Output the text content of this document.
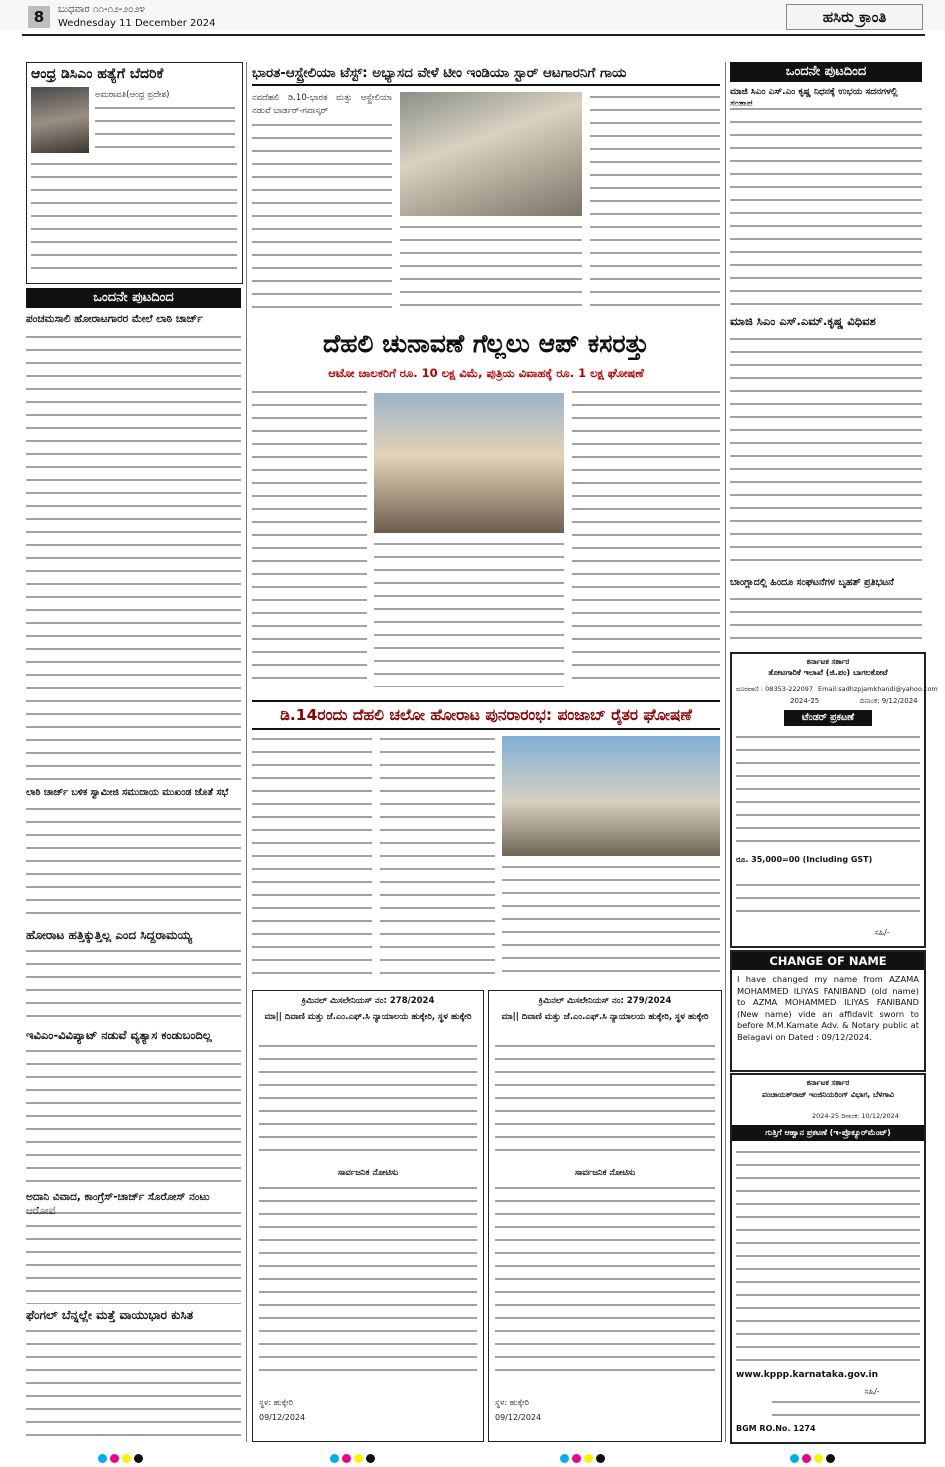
8	ಬುಧವಾರ ೧೧-೧೨-೨೦೨೪
Wednesday 11 December 2024	ಹಸಿರು ಕ್ರಾಂತಿ
ಆಂಧ್ರ ಡಿಸಿಎಂ ಹತ್ಯೆಗೆ ಬೆದರಿಕೆ
ಅಮರಾವತಿ(ಆಂಧ್ರ ಪ್ರದೇಶ)
ಒಂದನೇ ಪುಟದಿಂದ
ಪಂಚಮಸಾಲಿ ಹೋರಾಟಗಾರರ ಮೇಲೆ ಲಾಠಿ ಚಾರ್ಜ್
ಲಾಠಿ ಚಾರ್ಜ್ ಬಳಿಕ ಸ್ವಾಮೀಜಿ ಸಮುದಾಯ ಮುಖಂಡ ಜೊತೆ ಸಭೆ
ಹೋರಾಟ ಹತ್ತಿಕ್ಕುತ್ತಿಲ್ಲ ಎಂದ ಸಿದ್ದರಾಮಯ್ಯ
ಇವಿಎಂ-ವಿವಿಪ್ಯಾಟ್ ನಡುವೆ ವ್ಯತ್ಯಾಸ ಕಂಡುಬಂದಿಲ್ಲ
ಅದಾನಿ ವಿವಾದ, ಕಾಂಗ್ರೆಸ್-ಚಾರ್ಜ್ ಸೊರೋಸ್ ನಂಟು
ಫೆಂಗಲ್ ಬೆನ್ನಲ್ಲೇ ಮತ್ತೆ ವಾಯುಭಾರ ಕುಸಿತ
ಭಾರತ-ಆಸ್ಟ್ರೇಲಿಯಾ ಟೆಸ್ಟ್: ಅಭ್ಯಾಸದ ವೇಳೆ ಟೀಂ ಇಂಡಿಯಾ ಸ್ಟಾರ್ ಆಟಗಾರನಿಗೆ ಗಾಯ
ನವದೆಹಲಿ ಡಿ.10-ಭಾರತ ಮತ್ತು ಆಸ್ಟ್ರೇಲಿಯಾ ನಡುವೆ ಬಾರ್ಡರ್-ಗವಾಸ್ಕರ್
ದೆಹಲಿ ಚುನಾವಣೆ ಗೆಲ್ಲಲು ಆಪ್ ಕಸರತ್ತು
ಆಟೋ ಚಾಲಕರಿಗೆ ರೂ. 10 ಲಕ್ಷ ವಿಮೆ, ಪುತ್ರಿಯ ವಿವಾಹಕ್ಕೆ ರೂ. 1 ಲಕ್ಷ ಘೋಷಣೆ
ಡಿ.14ರಂದು ದೆಹಲಿ ಚಲೋ ಹೋರಾಟ ಪುನರಾರಂಭ: ಪಂಜಾಬ್ ರೈತರ ಘೋಷಣೆ
ಕ್ರಿಮಿನಲ್ ಮಿಸಲೇನಿಯಸ್ ನಂ: 278/2024
ಮಾ|| ದಿವಾಣಿ ಮತ್ತು ಜೆ.ಎಂ.ಎಫ್.ಸಿ ನ್ಯಾಯಾಲಯ ಹುಕ್ಕೇರಿ, ಸ್ಥಳ ಹುಕ್ಕೇರಿ
ಸಾರ್ವಜನಿಕ ನೋಟಿಸು
ಸ್ಥಳ: ಹುಕ್ಕೇರಿ
09/12/2024
ಕ್ರಿಮಿನಲ್ ಮಿಸಲೇನಿಯಸ್ ನಂ: 279/2024
ಮಾ|| ದಿವಾಣಿ ಮತ್ತು ಜೆ.ಎಂ.ಎಫ್.ಸಿ ನ್ಯಾಯಾಲಯ ಹುಕ್ಕೇರಿ, ಸ್ಥಳ ಹುಕ್ಕೇರಿ
ಸಾರ್ವಜನಿಕ ನೋಟಿಸು
ಸ್ಥಳ: ಹುಕ್ಕೇರಿ
09/12/2024
ಒಂದನೇ ಪುಟದಿಂದ
ಮಾಜಿ ಸಿಎಂ ಎಸ್.ಎಂ ಕೃಷ್ಣ ನಿಧನಕ್ಕೆ ಉಭಯ ಸದನಗಳಲ್ಲಿ
ಮಾಜಿ ಸಿಎಂ ಎಸ್.ಎಮ್.ಕೃಷ್ಣ ವಿಧಿವಶ
ಬಾಂಗ್ಲಾದಲ್ಲಿ ಹಿಂದೂ ಸಂಘಟನೆಗಳ ಬೃಹತ್ ಪ್ರತಿಭಟನೆ
ಕರ್ನಾಟಕ ಸರ್ಕಾರ
ತೋಟಗಾರಿಕೆ ಇಲಾಖೆ (ಜಿ.ಪಂ) ಬಾಗಲಕೋಟೆ
ದೂರವಾಣಿ : 08353-222097 Email:sadhzpjamkhandi@yahoo.com
2024-25	ದಿನಾಂಕ: 9/12/2024
ಟೆಂಡರ್ ಪ್ರಕಟಣೆ
ರೂ. 35,000=00 (Including GST)
ಸಹಿ/-
CHANGE OF NAME
I have changed my name from AZAMA MOHAMMED ILIYAS FANIBAND (old name) to AZMA MOHAMMED ILIYAS FANIBAND (New name) vide an affidavit sworn to before M.M.Kamate Adv. & Notary public at Belagavi on Dated : 09/12/2024.
ಕರ್ನಾಟಕ ಸರ್ಕಾರ
ಪಂಚಾಯತ್‌ರಾಜ್ ಇಂಜಿನಿಯರಿಂಗ್ ವಿಭಾಗ, ಬೆಳಗಾವಿ
2024-25 ದಿನಾಂಕ: 10/12/2024
ಗುತ್ತಿಗೆ ಆಹ್ವಾನ ಪ್ರಕಟಣೆ (ಇ-ಪ್ರೊಕ್ಯೂರ್‌ಮೆಂಟ್)
www.kppp.karnataka.gov.in
ಸಹಿ/-
BGM RO.No. 1274
